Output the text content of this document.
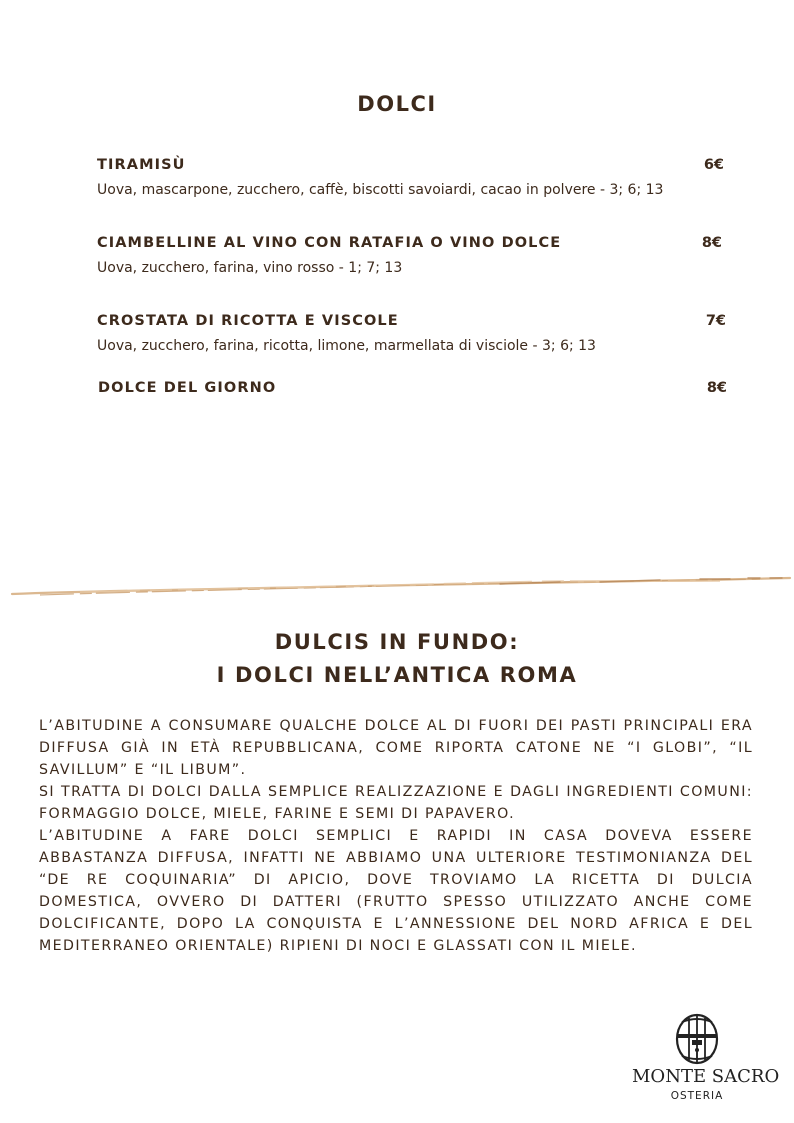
DOLCI
TIRAMISÙ	6€
Uova, mascarpone, zucchero, caffè, biscotti savoiardi, cacao in polvere - 3; 6; 13
CIAMBELLINE AL VINO CON RATAFIA O VINO DOLCE	8€
Uova, zucchero, farina, vino rosso - 1; 7; 13
CROSTATA DI RICOTTA E VISCOLE	7€
Uova, zucchero, farina, ricotta, limone, marmellata di visciole - 3; 6; 13
DOLCE DEL GIORNO	8€
DULCIS IN FUNDO:
I DOLCI NELL’ANTICA ROMA

L’ABITUDINE A CONSUMARE QUALCHE DOLCE AL DI FUORI DEI PASTI PRINCIPALI ERA DIFFUSA GIÀ IN ETÀ REPUBBLICANA, COME RIPORTA CATONE NE “I GLOBI”, “IL SAVILLUM” E “IL LIBUM”.

SI TRATTA DI DOLCI DALLA SEMPLICE REALIZZAZIONE E DAGLI INGREDIENTI COMUNI: FORMAGGIO DOLCE, MIELE, FARINE E SEMI DI PAPAVERO.

L’ABITUDINE A FARE DOLCI SEMPLICI E RAPIDI IN CASA DOVEVA ESSERE ABBASTANZA DIFFUSA, INFATTI NE ABBIAMO UNA ULTERIORE TESTIMONIANZA DEL “DE RE COQUINARIA” DI APICIO, DOVE TROVIAMO LA RICETTA DI DULCIA DOMESTICA, OVVERO DI DATTERI (FRUTTO SPESSO UTILIZZATO ANCHE COME DOLCIFICANTE, DOPO LA CONQUISTA E L’ANNESSIONE DEL NORD AFRICA E DEL MEDITERRANEO ORIENTALE) RIPIENI DI NOCI E GLASSATI CON IL MIELE.

MONTE SACRO
OSTERIA
